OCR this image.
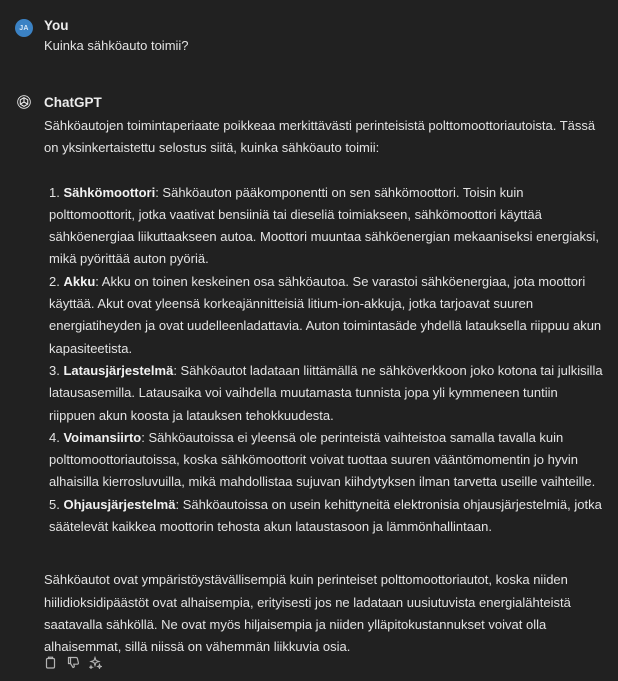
JA You
Kuinka sähköauto toimii?
ChatGPT

Sähköautojen toimintaperiaate poikkeaa merkittävästi perinteisistä polttomoottoriautoista. Tässä on yksinkertaistettu selostus siitä, kuinka sähköauto toimii:

1. Sähkömoottori: Sähköauton pääkomponentti on sen sähkömoottori. Toisin kuin polttomoottorit, jotka vaativat bensiiniä tai dieseliä toimiakseen, sähkömoottori käyttää sähköenergiaa liikuttaakseen autoa. Moottori muuntaa sähköenergian mekaaniseksi energiaksi, mikä pyörittää auton pyöriä.
2. Akku: Akku on toinen keskeinen osa sähköautoa. Se varastoi sähköenergiaa, jota moottori käyttää. Akut ovat yleensä korkeajännitteisiä litium-ion-akkuja, jotka tarjoavat suuren energiatiheyden ja ovat uudelleenladattavia. Auton toimintasäde yhdellä latauksella riippuu akun kapasiteetista.
3. Latausjärjestelmä: Sähköautot ladataan liittämällä ne sähköverkkoon joko kotona tai julkisilla latausasemilla. Latausaika voi vaihdella muutamasta tunnista jopa yli kymmeneen tuntiin riippuen akun koosta ja latauksen tehokkuudesta.
4. Voimansiirto: Sähköautoissa ei yleensä ole perinteistä vaihteistoa samalla tavalla kuin polttomoottoriautoissa, koska sähkömoottorit voivat tuottaa suuren vääntömomentin jo hyvin alhaisilla kierrosluvuilla, mikä mahdollistaa sujuvan kiihdytyksen ilman tarvetta useille vaihteille.
5. Ohjausjärjestelmä: Sähköautoissa on usein kehittyneitä elektronisia ohjausjärjestelmiä, jotka säätelevät kaikkea moottorin tehosta akun lataustasoon ja lämmönhallintaan.

Sähköautot ovat ympäristöystävällisempiä kuin perinteiset polttomoottoriautot, koska niiden hiilidioksidipäästöt ovat alhaisempia, erityisesti jos ne ladataan uusiutuvista energialähteistä saatavalla sähköllä. Ne ovat myös hiljaisempia ja niiden ylläpitokustannukset voivat olla alhaisemmat, sillä niissä on vähemmän liikkuvia osia.
